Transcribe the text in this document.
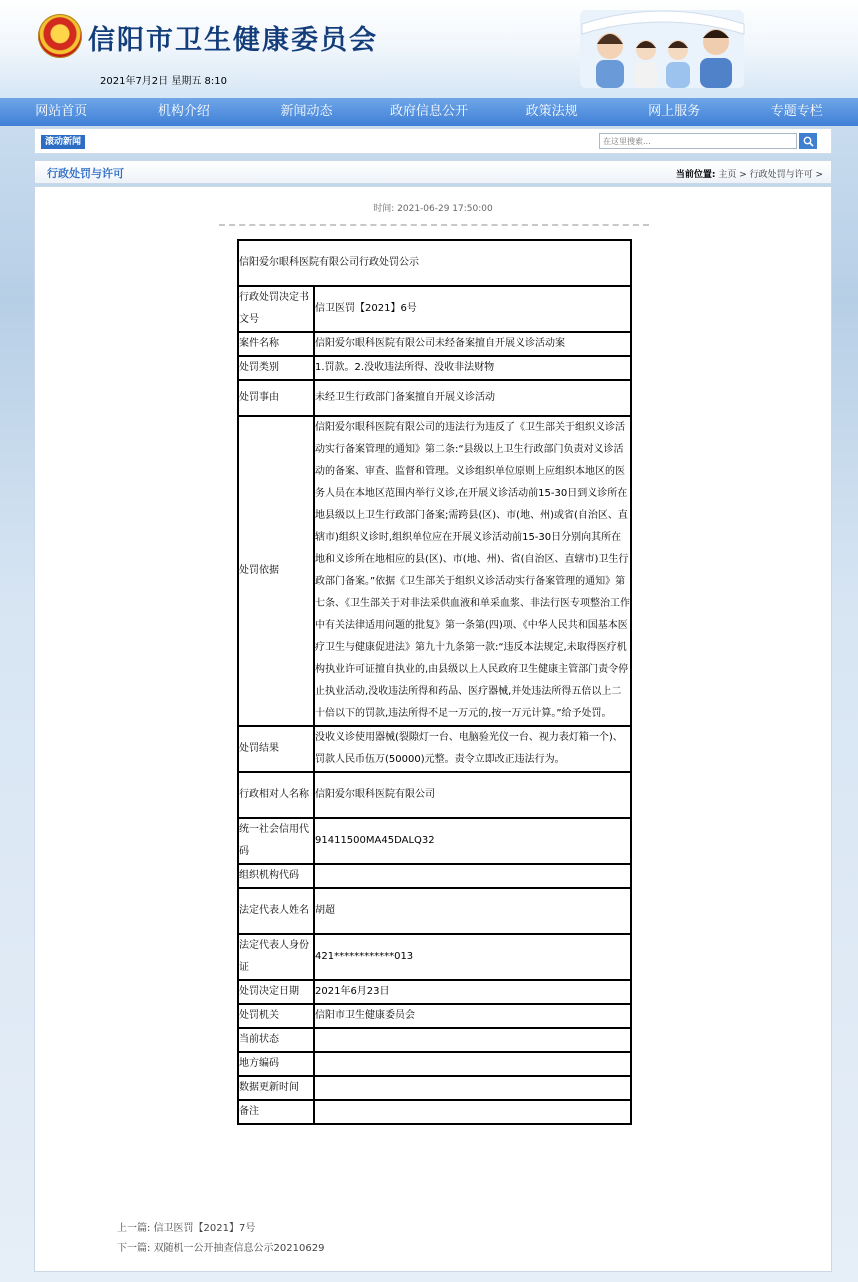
信阳市卫生健康委员会
2021年7月2日 星期五 8:10
网站首页	机构介绍	新闻动态	政府信息公开	政策法规	网上服务	专题专栏
滚动新闻
在这里搜索...
行政处罚与许可	当前位置: 主页 > 行政处罚与许可 >
时间: 2021-06-29 17:50:00
信阳爱尔眼科医院有限公司行政处罚公示	
行政处罚决定书文号	信卫医罚【2021】6号
案件名称	信阳爱尔眼科医院有限公司未经备案擅自开展义诊活动案
处罚类别	1.罚款。2.没收违法所得、没收非法财物
处罚事由	未经卫生行政部门备案擅自开展义诊活动
处罚依据	信阳爱尔眼科医院有限公司的违法行为违反了《卫生部关于组织义诊活动实行备案管理的通知》第二条:“县级以上卫生行政部门负责对义诊活动的备案、审查、监督和管理。义诊组织单位原则上应组织本地区的医务人员在本地区范围内举行义诊,在开展义诊活动前15-30日到义诊所在地县级以上卫生行政部门备案;需跨县(区)、市(地、州)或省(自治区、直辖市)组织义诊时,组织单位应在开展义诊活动前15-30日分别向其所在地和义诊所在地相应的县(区)、市(地、州)、省(自治区、直辖市)卫生行政部门备案。”依据《卫生部关于组织义诊活动实行备案管理的通知》第七条、《卫生部关于对非法采供血液和单采血浆、非法行医专项整治工作中有关法律适用问题的批复》第一条第(四)项、《中华人民共和国基本医疗卫生与健康促进法》第九十九条第一款:“违反本法规定,未取得医疗机构执业许可证擅自执业的,由县级以上人民政府卫生健康主管部门责令停止执业活动,没收违法所得和药品、医疗器械,并处违法所得五倍以上二十倍以下的罚款,违法所得不足一万元的,按一万元计算。”给予处罚。
处罚结果	没收义诊使用器械(裂隙灯一台、电脑验光仪一台、视力表灯箱一个)、罚款人民币伍万(50000)元整。责令立即改正违法行为。
行政相对人名称	信阳爱尔眼科医院有限公司
统一社会信用代码	91411500MA45DALQ32
组织机构代码	
法定代表人姓名	胡超
法定代表人身份证	421************013
处罚决定日期	2021年6月23日
处罚机关	信阳市卫生健康委员会
当前状态	
地方编码	
数据更新时间	
备注	
上一篇: 信卫医罚【2021】7号
下一篇: 双随机一公开抽查信息公示20210629
